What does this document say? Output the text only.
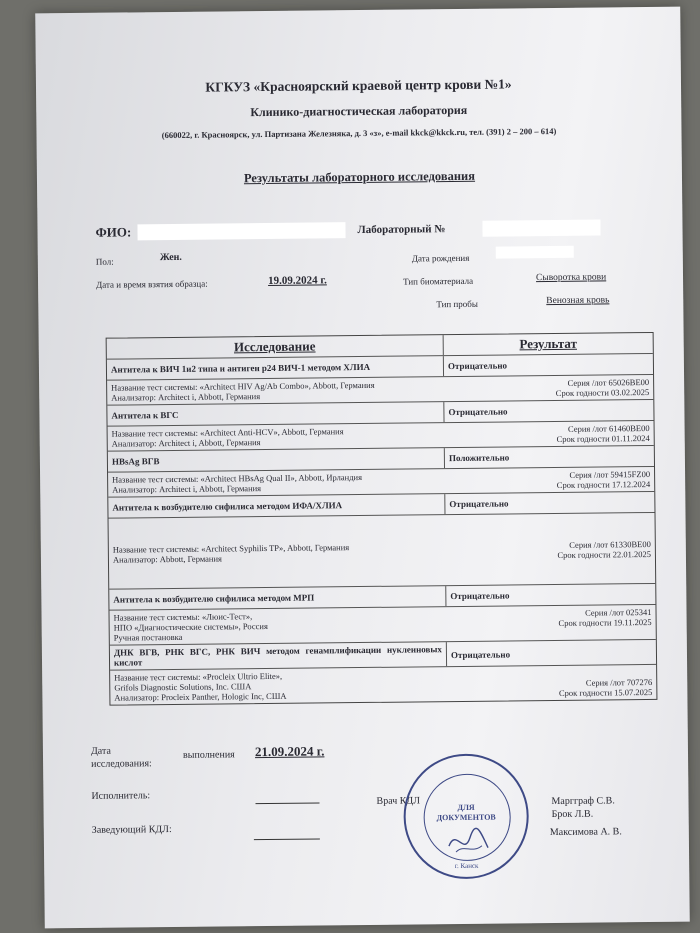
КГКУЗ «Красноярский краевой центр крови №1»
Клинико-диагностическая лаборатория
(660022, г. Красноярск, ул. Партизана Железняка, д. 3 «з», e-mail kkck@kkck.ru, тел. (391) 2 – 200 – 614)
Результаты лабораторного исследования
ФИО:	Лабораторный №
Пол:	Жен.	Дата рождения
Дата и время взятия образца:	19.09.2024 г.	Тип биоматериала	Сыворотка крови
Тип пробы	Венозная кровь
Исследование	Результат
Антитела к ВИЧ 1и2 типа и антиген р24 ВИЧ-1 методом ХЛИА	Отрицательно
Название тест системы: «Architect HIV Ag/Ab Combo», Abbott, Германия
Анализатор: Architect i, Abbott, Германия
Серия /лот 65026BE00
Срок годности 03.02.2025
Антитела к ВГС	Отрицательно
Название тест системы: «Architect Anti-HCV», Abbott, Германия
Анализатор: Architect i, Abbott, Германия
Серия /лот 61460BE00
Срок годности 01.11.2024
HBsAg ВГВ	Положительно
Название тест системы: «Architect HBsAg Qual II», Abbott, Ирландия
Анализатор: Architect i, Abbott, Германия
Серия /лот 59415FZ00
Срок годности 17.12.2024
Антитела к возбудителю сифилиса методом ИФА/ХЛИА	Отрицательно
Название тест системы: «Architect Syphilis TP», Abbott, Германия
Анализатор: Abbott, Германия
Серия /лот 61330BE00
Срок годности 22.01.2025
Антитела к возбудителю сифилиса методом МРП	Отрицательно
Название тест системы: «Люис-Тест»,
НПО «Диагностические системы», Россия
Ручная постановка
Серия /лот 025341
Срок годности 19.11.2025
ДНК ВГВ, РНК ВГС, РНК ВИЧ методом генамплификации нуклеиновых кислот
Отрицательно
Название тест системы: «Procleix Ultrio Elite»,
Grifols Diagnostic Solutions, Inc. США
Анализатор: Procleix Panther, Hologic Inc, США
Серия /лот 707276
Срок годности 15.07.2025
Дата
исследования:
выполнения 21.09.2024 г.
Исполнитель:	Врач КДЛ
Заведующий КДЛ:
Маргграф С.В.
Брок Л.В.
Максимова А. В.
ДЛЯ
ДОКУМЕНТОВ
г. Канск
